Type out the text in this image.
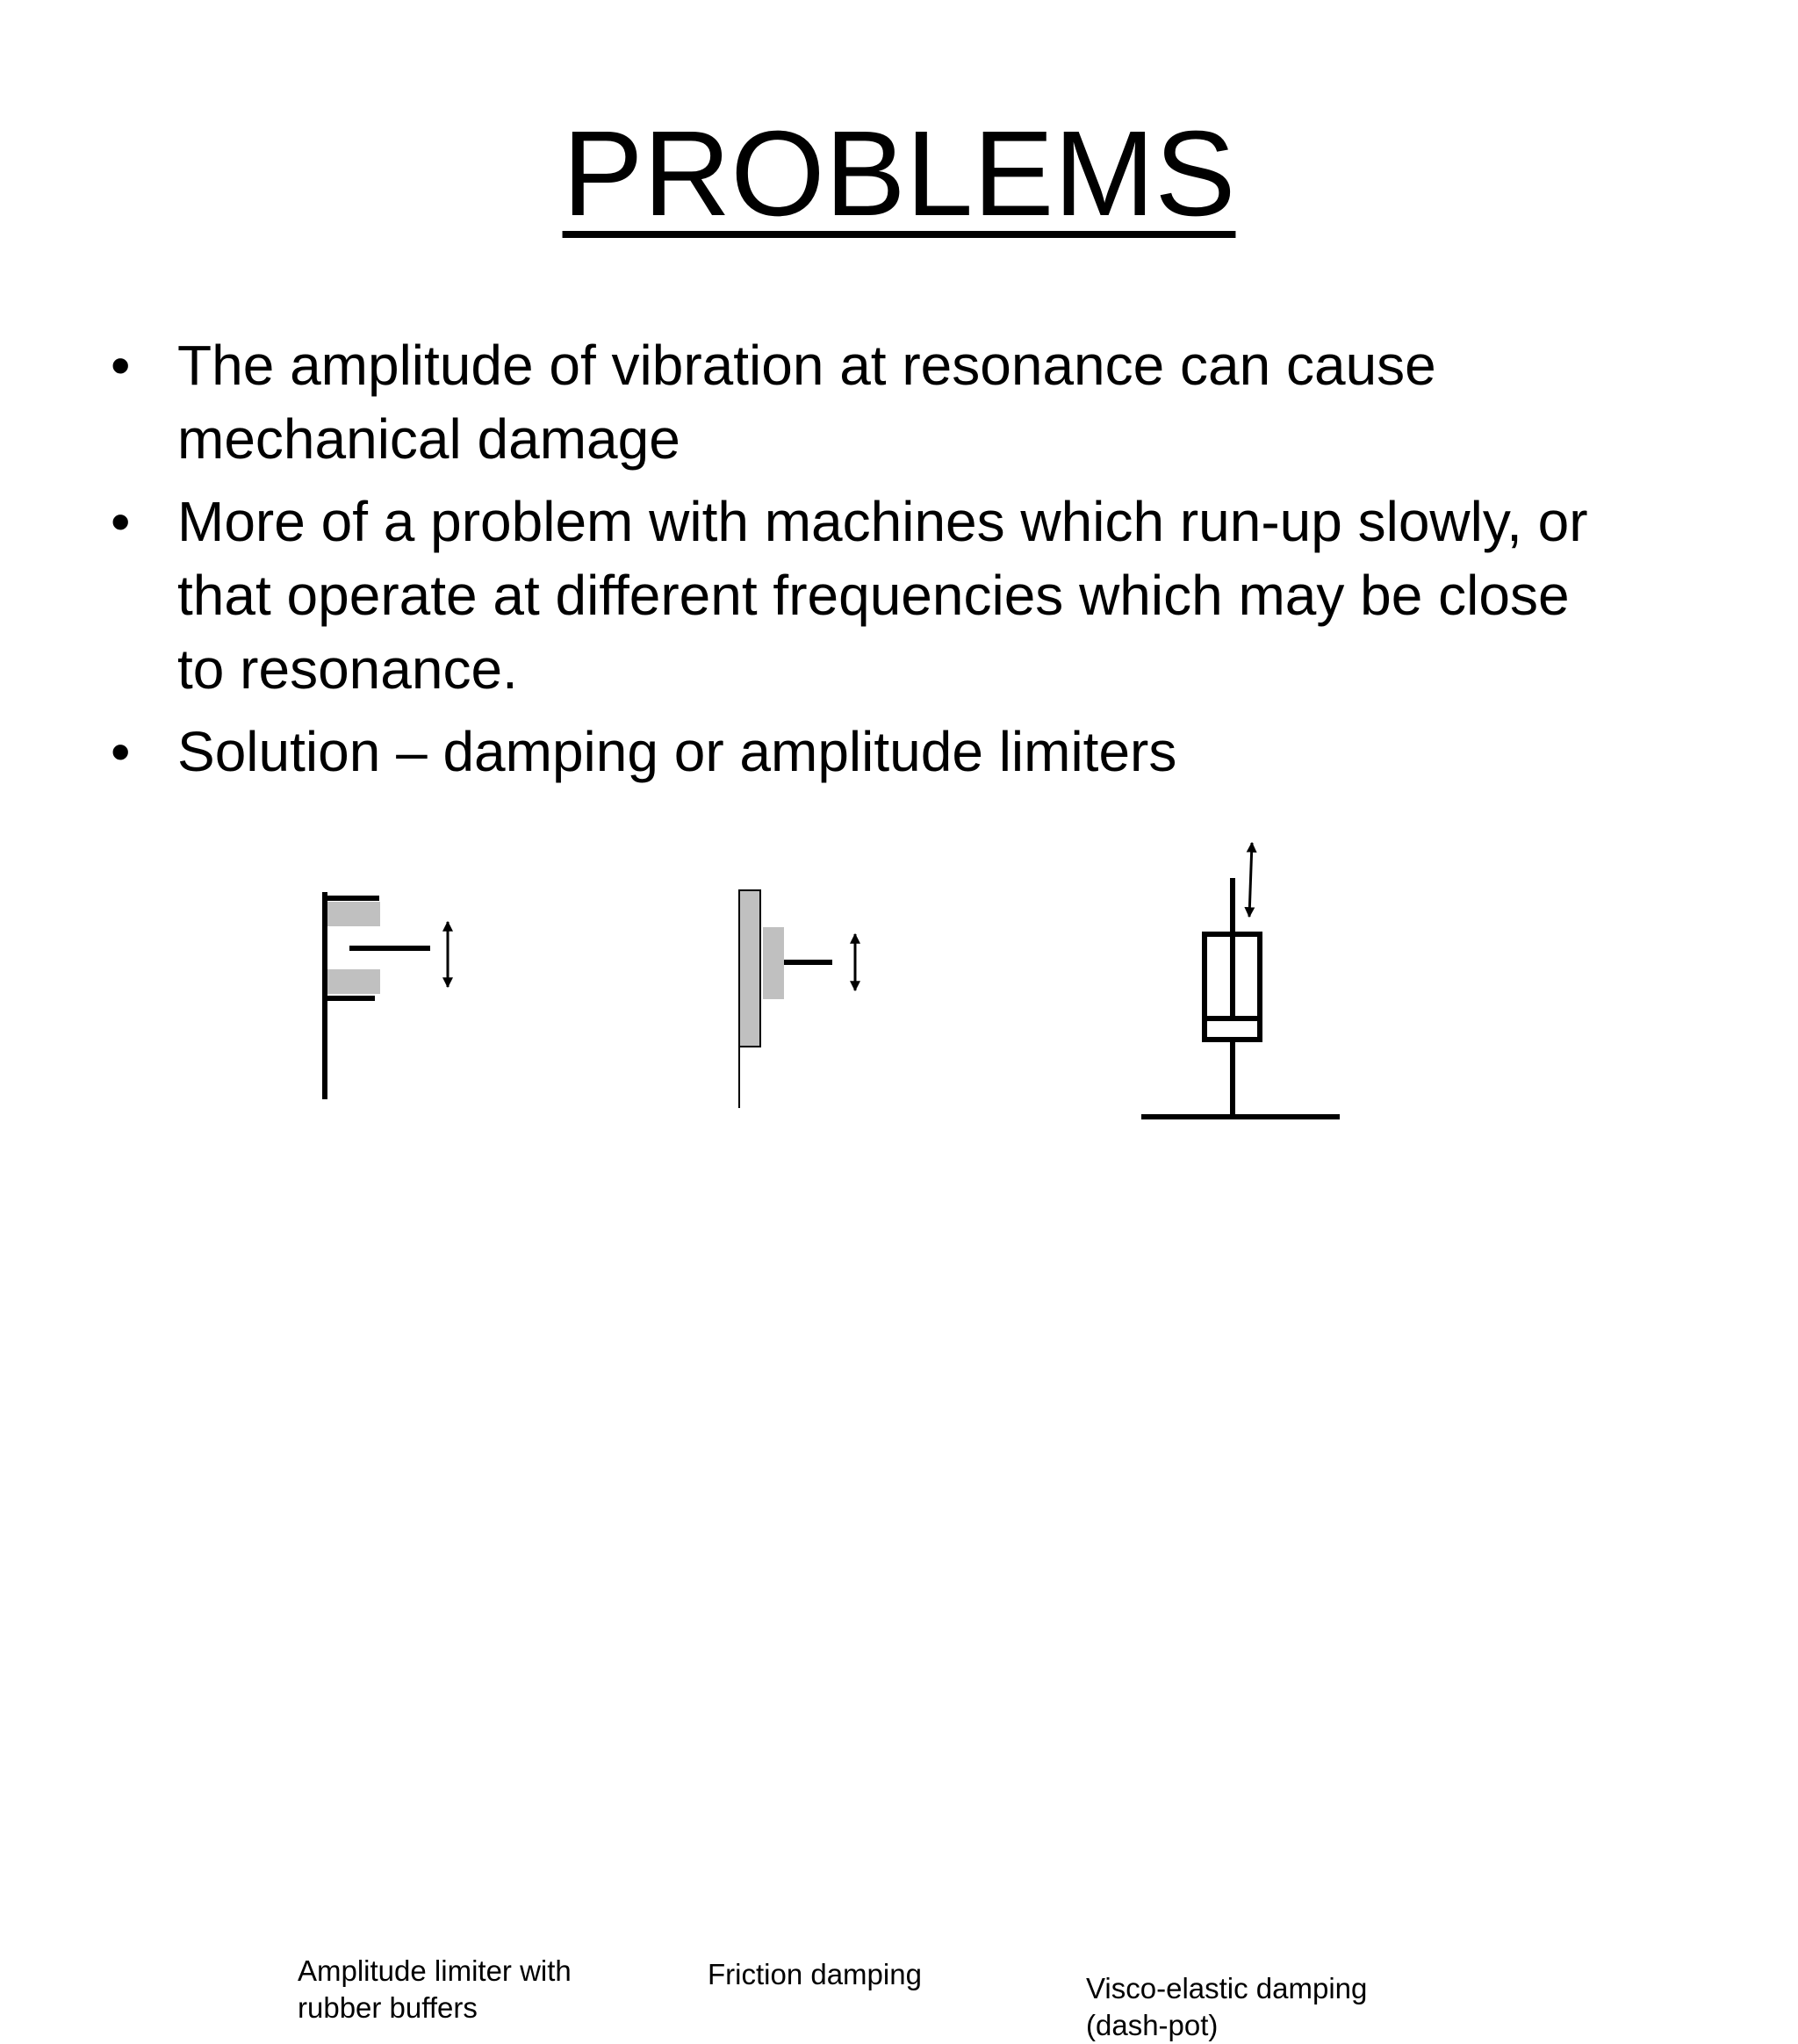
PROBLEMS
• The amplitude of vibration at resonance can cause
mechanical damage
• More of a problem with machines which run-up slowly, or
that operate at different frequencies which may be close
to resonance.
• Solution – damping or amplitude limiters

Amplitude limiter with
rubber buffers

Friction damping	Visco-elastic damping
(dash-pot)
